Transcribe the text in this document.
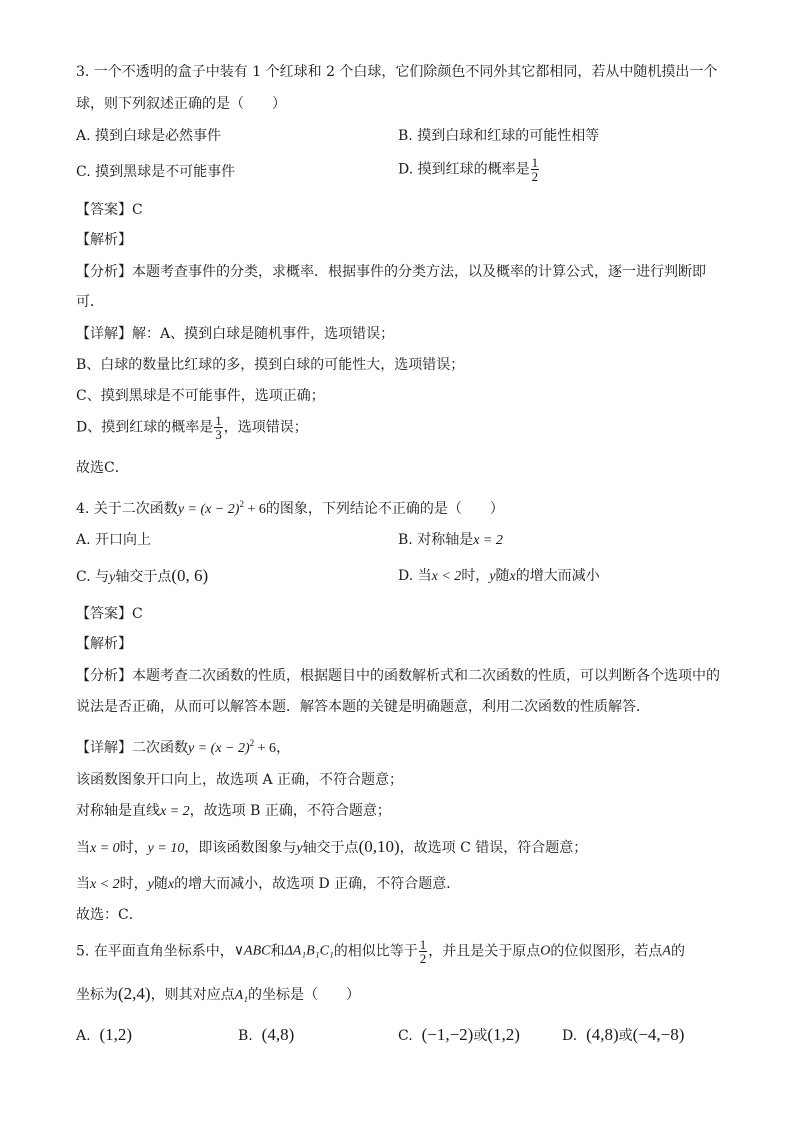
3. 一个不透明的盒子中装有 1 个红球和 2 个白球，它们除颜色不同外其它都相同，若从中随机摸出一个
球，则下列叙述正确的是（　　）
A. 摸到白球是必然事件	B. 摸到白球和红球的可能性相等
C. 摸到黑球是不可能事件	D. 摸到红球的概率是 $\frac{1}{2}$
【答案】C
【解析】
【分析】本题考查事件的分类，求概率．根据事件的分类方法，以及概率的计算公式，逐一进行判断即
可．
【详解】解：A、摸到白球是随机事件，选项错误；
B、白球的数量比红球的多，摸到白球的可能性大，选项错误；
C、摸到黑球是不可能事件，选项正确；
D、摸到红球的概率是 $\frac{1}{3}$ ，选项错误；
故选C．
4. 关于二次函数$y = (x - 2)^2 + 6$的图象，下列结论不正确的是（　　）
A. 开口向上	B. 对称轴是x = 2
C. 与y轴交于点(0, 6)	D. 当x < 2时，y随x的增大而减小
【答案】C
【解析】
【分析】本题考查二次函数的性质，根据题目中的函数解析式和二次函数的性质，可以判断各个选项中的
说法是否正确，从而可以解答本题．解答本题的关键是明确题意，利用二次函数的性质解答．
【详解】二次函数$y = (x - 2)^2 + 6$，
该函数图象开口向上，故选项 A 正确，不符合题意；
对称轴是直线x = 2，故选项 B 正确，不符合题意；
当x = 0时，y = 10，即该函数图象与y轴交于点(0,10)，故选项 C 错误，符合题意；
当x < 2时，y随x的增大而减小，故选项 D 正确，不符合题意．
故选：C．
5. 在平面直角坐标系中，∨ABC和ΔA₁B₁C₁的相似比等于 $\frac{1}{2}$ ，并且是关于原点O的位似图形，若点A的
坐标为(2,4)，则其对应点A₁的坐标是（　　）
A. (1,2)	B. (4,8)	C. (−1,−2)或(1,2)	D. (4,8)或(−4,−8)
